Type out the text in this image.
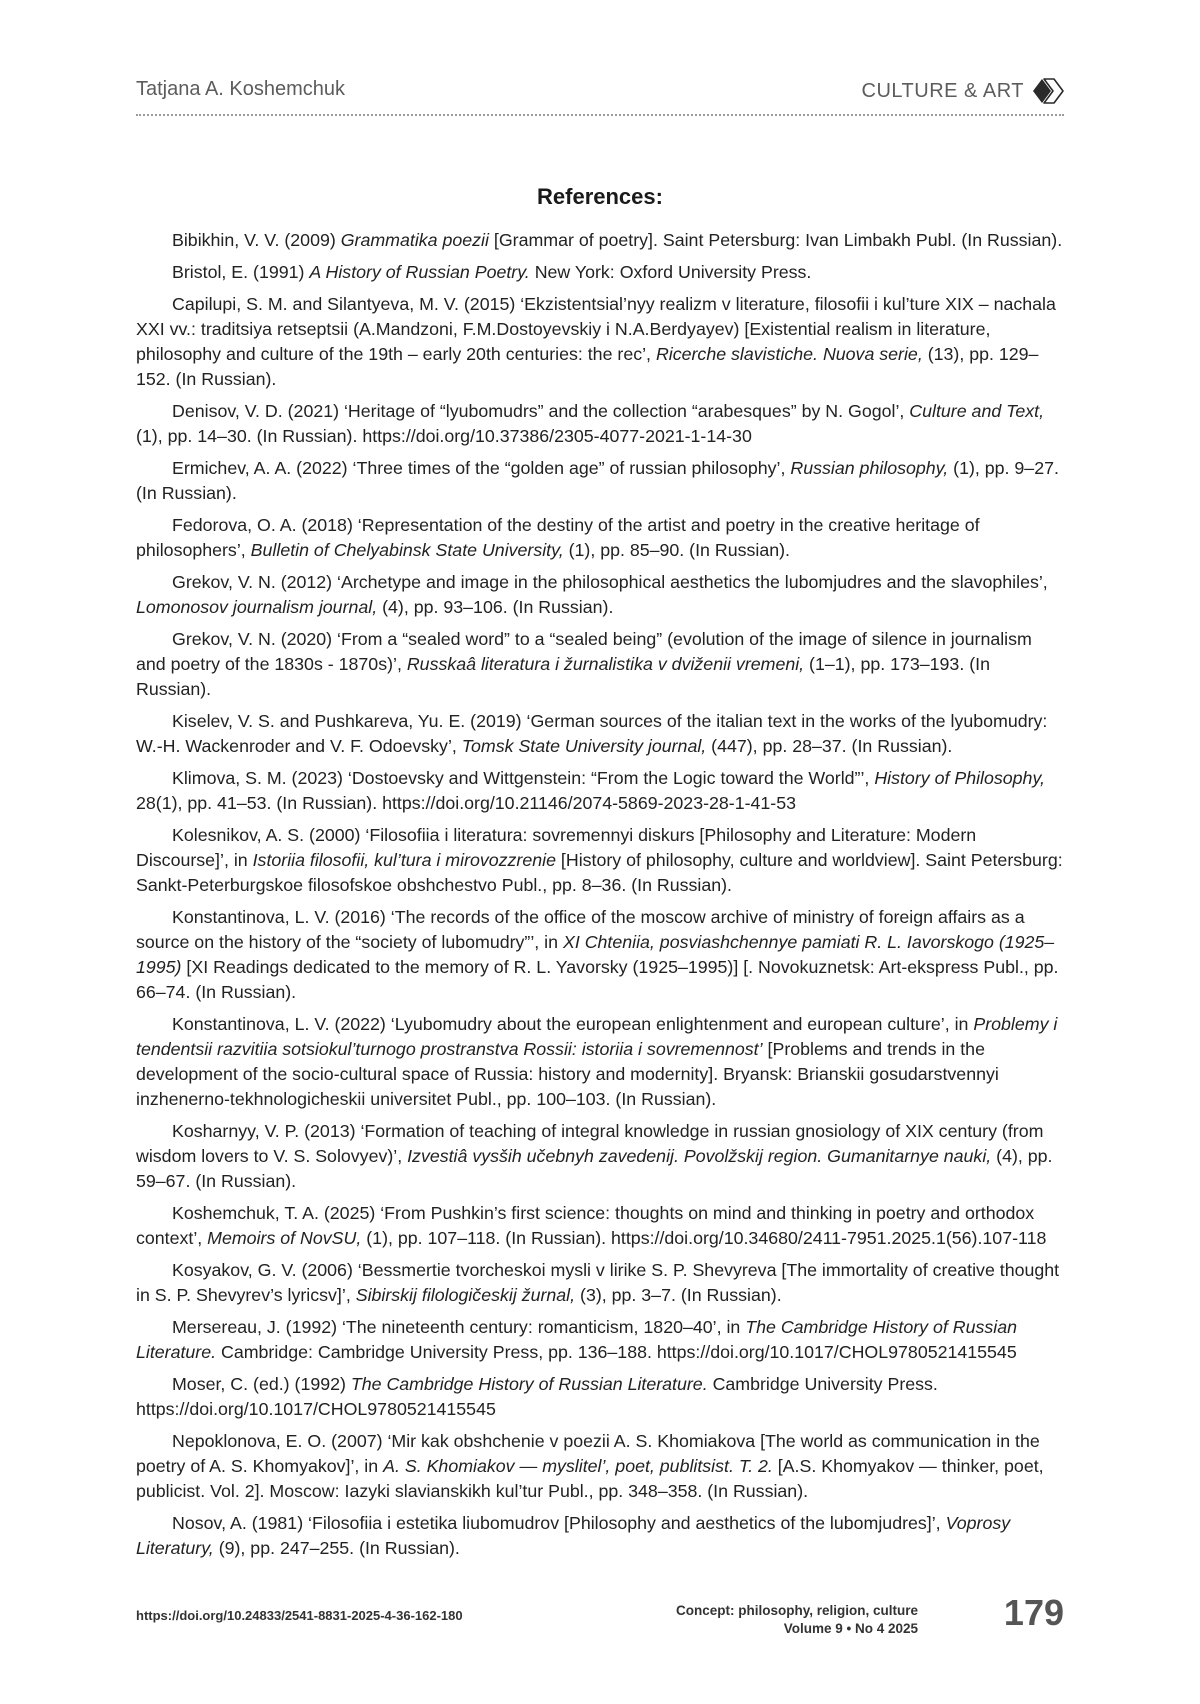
Tatjana A. Koshemchuk	CULTURE & ART
References:

Bibikhin, V. V. (2009) Grammatika poezii [Grammar of poetry]. Saint Petersburg: Ivan Limbakh Publ. (In Russian).

Bristol, E. (1991) A History of Russian Poetry. New York: Oxford University Press.

Capilupi, S. M. and Silantyeva, M. V. (2015) ‘Ekzistentsial’nyy realizm v literature, filosofii i kul’ture XIX – nachala XXI vv.: traditsiya retseptsii (A.Mandzoni, F.M.Dostoyevskiy i N.A.Berdyayev) [Existential realism in literature, philosophy and culture of the 19th – early 20th centuries: the rec’, Ricerche slavistiche. Nuova serie, (13), pp. 129–152. (In Russian).

Denisov, V. D. (2021) ‘Heritage of “lyubomudrs” and the collection “arabesques” by N. Gogol’, Culture and Text, (1), pp. 14–30. (In Russian). https://doi.org/10.37386/2305-4077-2021-1-14-30

Ermichev, A. A. (2022) ‘Three times of the “golden age” of russian philosophy’, Russian philosophy, (1), pp. 9–27. (In Russian).

Fedorova, O. A. (2018) ‘Representation of the destiny of the artist and poetry in the creative heritage of philosophers’, Bulletin of Chelyabinsk State University, (1), pp. 85–90. (In Russian).

Grekov, V. N. (2012) ‘Archetype and image in the philosophical aesthetics the lubomjudres and the slavophiles’, Lomonosov journalism journal, (4), pp. 93–106. (In Russian).

Grekov, V. N. (2020) ‘From a “sealed word” to a “sealed being” (evolution of the image of silence in journalism and poetry of the 1830s - 1870s)’, Russkaâ literatura i žurnalistika v dviženii vremeni, (1–1), pp. 173–193. (In Russian).

Kiselev, V. S. and Pushkareva, Yu. E. (2019) ‘German sources of the italian text in the works of the lyubomudry: W.-H. Wackenroder and V. F. Odoevsky’, Tomsk State University journal, (447), pp. 28–37. (In Russian).

Klimova, S. M. (2023) ‘Dostoevsky and Wittgenstein: “From the Logic toward the World”’, History of Philosophy, 28(1), pp. 41–53. (In Russian). https://doi.org/10.21146/2074-5869-2023-28-1-41-53

Kolesnikov, A. S. (2000) ‘Filosofiia i literatura: sovremennyi diskurs [Philosophy and Literature: Modern Discourse]’, in Istoriia filosofii, kul’tura i mirovozzrenie [History of philosophy, culture and worldview]. Saint Petersburg: Sankt-Peterburgskoe filosofskoe obshchestvo Publ., pp. 8–36. (In Russian).

Konstantinova, L. V. (2016) ‘The records of the office of the moscow archive of ministry of foreign affairs as a source on the history of the “society of lubomudry”’, in XI Chteniia, posviashchennye pamiati R. L. Iavorskogo (1925–1995) [XI Readings dedicated to the memory of R. L. Yavorsky (1925–1995)] [. Novokuznetsk: Art-ekspress Publ., pp. 66–74. (In Russian).

Konstantinova, L. V. (2022) ‘Lyubomudry about the european enlightenment and european culture’, in Problemy i tendentsii razvitiia sotsiokul’turnogo prostranstva Rossii: istoriia i sovremennost’ [Problems and trends in the development of the socio-cultural space of Russia: history and modernity]. Bryansk: Brianskii gosudarstvennyi inzhenerno-tekhnologicheskii universitet Publ., pp. 100–103. (In Russian).

Kosharnyy, V. P. (2013) ‘Formation of teaching of integral knowledge in russian gnosiology of XIX century (from wisdom lovers to V. S. Solovyev)’, Izvestiâ vysših učebnyh zavedenij. Povolžskij region. Gumanitarnye nauki, (4), pp. 59–67. (In Russian).

Koshemchuk, T. A. (2025) ‘From Pushkin’s first science: thoughts on mind and thinking in poetry and orthodox context’, Memoirs of NovSU, (1), pp. 107–118. (In Russian). https://doi.org/10.34680/2411-7951.2025.1(56).107-118

Kosyakov, G. V. (2006) ‘Bessmertie tvorcheskoi mysli v lirike S. P. Shevyreva [The immortality of creative thought in S. P. Shevyrev’s lyricsv]’, Sibirskij filologičeskij žurnal, (3), pp. 3–7. (In Russian).

Mersereau, J. (1992) ‘The nineteenth century: romanticism, 1820–40’, in The Cambridge History of Russian Literature. Cambridge: Cambridge University Press, pp. 136–188. https://doi.org/10.1017/CHOL9780521415545

Moser, C. (ed.) (1992) The Cambridge History of Russian Literature. Cambridge University Press. https://doi.org/10.1017/CHOL9780521415545

Nepoklonova, E. O. (2007) ‘Mir kak obshchenie v poezii A. S. Khomiakova [The world as communication in the poetry of A. S. Khomyakov]’, in A. S. Khomiakov — myslitel’, poet, publitsist. T. 2. [A.S. Khomyakov — thinker, poet, publicist. Vol. 2]. Moscow: Iazyki slavianskikh kul’tur Publ., pp. 348–358. (In Russian).

Nosov, A. (1981) ‘Filosofiia i estetika liubomudrov [Philosophy and aesthetics of the lubomjudres]’, Voprosy Literatury, (9), pp. 247–255. (In Russian).

https://doi.org/10.24833/2541-8831-2025-4-36-162-180	Concept: philosophy, religion, culture
Volume 9 • No 4 2025 179
